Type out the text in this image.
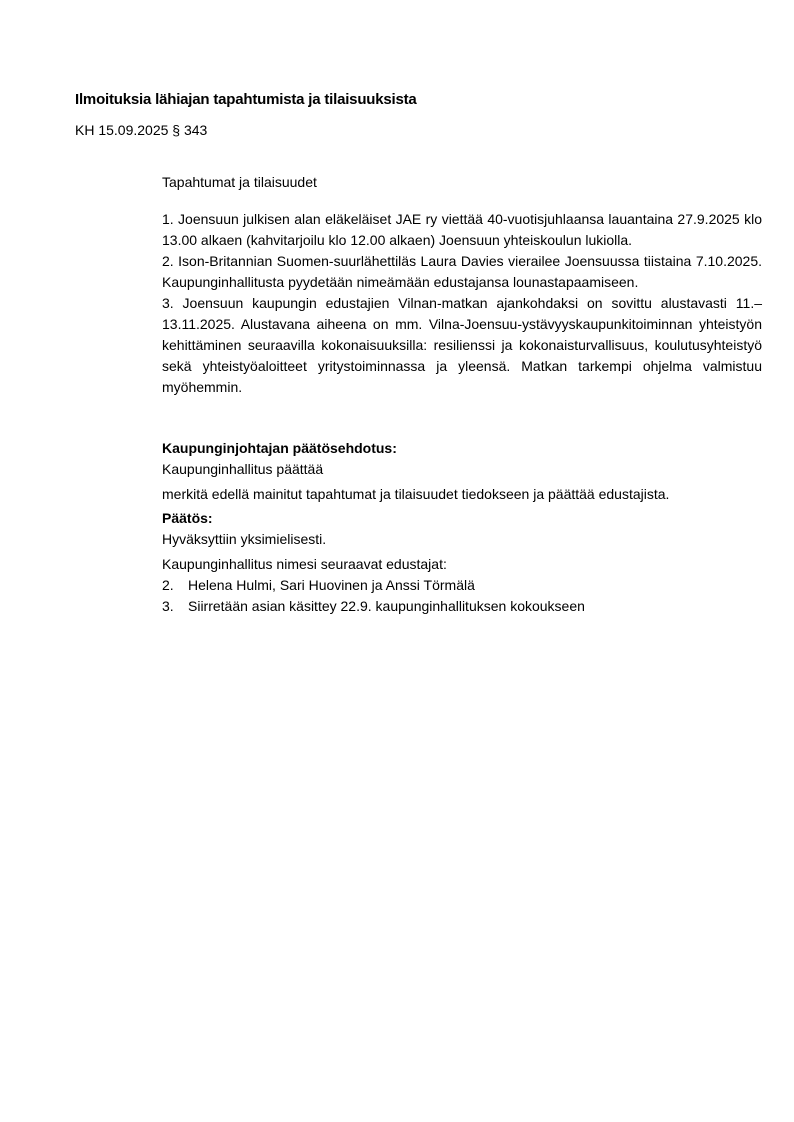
Ilmoituksia lähiajan tapahtumista ja tilaisuuksista
KH 15.09.2025 § 343
Tapahtumat ja tilaisuudet

1. Joensuun julkisen alan eläkeläiset JAE ry viettää 40-vuotisjuhlaansa lauantaina 27.9.2025 klo 13.00 alkaen (kahvitarjoilu klo 12.00 alkaen) Joensuun yhteiskoulun lukiolla.

2. Ison-Britannian Suomen-suurlähettiläs Laura Davies vierailee Joensuussa tiistaina 7.10.2025. Kaupunginhallitusta pyydetään nimeämään edustajansa lounastapaamiseen.

3. Joensuun kaupungin edustajien Vilnan-matkan ajankohdaksi on sovittu alustavasti 11.–13.11.2025. Alustavana aiheena on mm. Vilna-Joensuu-ystävyyskaupunkitoiminnan yhteistyön kehittäminen seuraavilla kokonaisuuksilla: resilienssi ja kokonaisturvallisuus, koulutusyhteistyö sekä yhteistyöaloitteet yritystoiminnassa ja yleensä. Matkan tarkempi ohjelma valmistuu myöhemmin.

Kaupunginjohtajan päätösehdotus:
Kaupunginhallitus päättää
merkitä edellä mainitut tapahtumat ja tilaisuudet tiedokseen ja päättää edustajista.
Päätös:
Hyväksyttiin yksimielisesti.
Kaupunginhallitus nimesi seuraavat edustajat:
2.	Helena Hulmi, Sari Huovinen ja Anssi Törmälä
3.	Siirretään asian käsittey 22.9. kaupunginhallituksen kokoukseen
